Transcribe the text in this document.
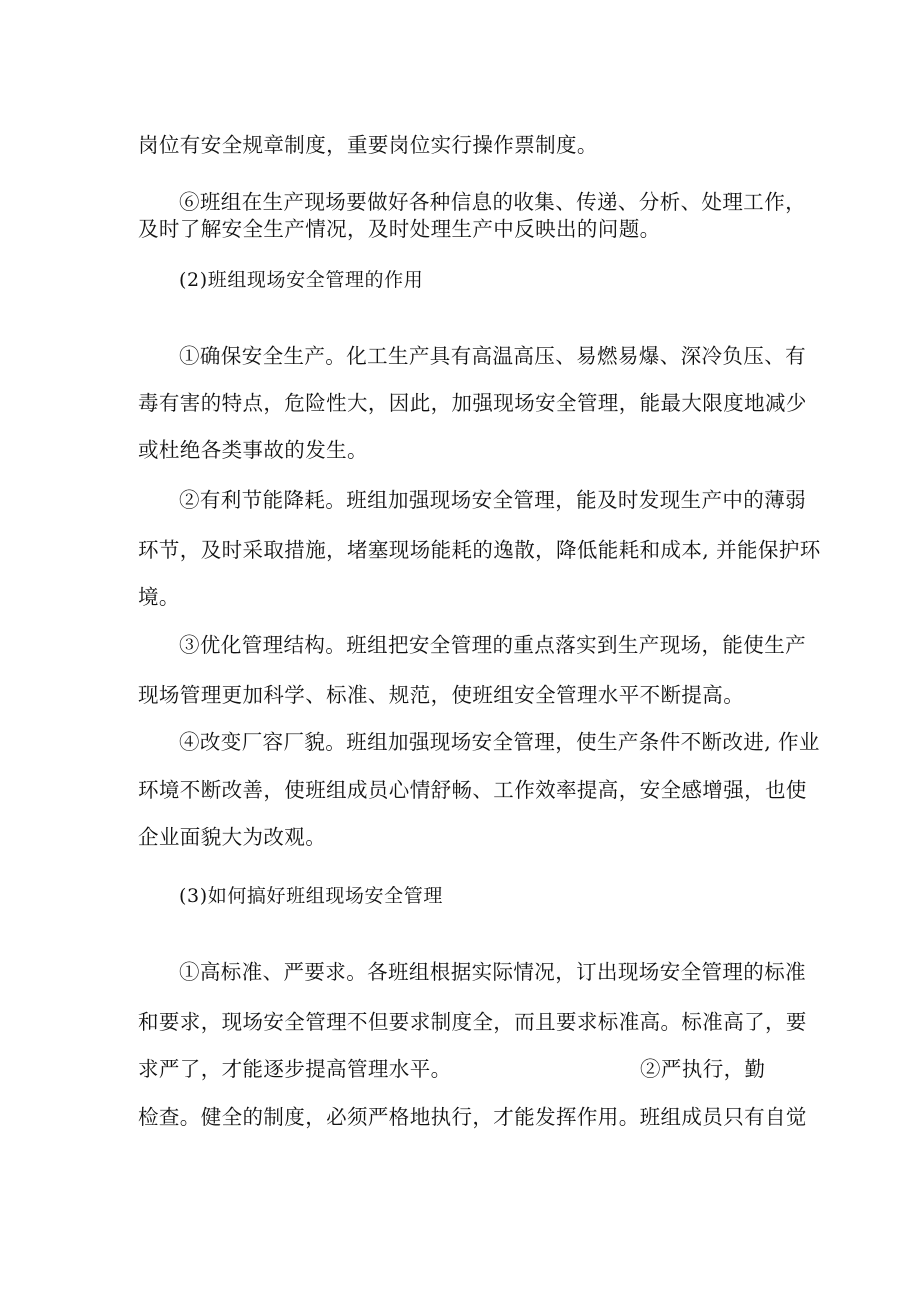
岗位有安全规章制度，重要岗位实行操作票制度。
⑥班组在生产现场要做好各种信息的收集、传递、分析、处理工作，
及时了解安全生产情况，及时处理生产中反映出的问题。
(2)班组现场安全管理的作用
①确保安全生产。化工生产具有高温高压、易燃易爆、深冷负压、有
毒有害的特点，危险性大，因此，加强现场安全管理，能最大限度地减少
或杜绝各类事故的发生。
②有利节能降耗。班组加强现场安全管理，能及时发现生产中的薄弱
环节，及时采取措施，堵塞现场能耗的逸散，降低能耗和成本, 并能保护环
境。
③优化管理结构。班组把安全管理的重点落实到生产现场，能使生产
现场管理更加科学、标准、规范，使班组安全管理水平不断提高。
④改变厂容厂貌。班组加强现场安全管理，使生产条件不断改进, 作业
环境不断改善，使班组成员心情舒畅、工作效率提高，安全感增强，也使
企业面貌大为改观。
(3)如何搞好班组现场安全管理
①高标准、严要求。各班组根据实际情况，订出现场安全管理的标准
和要求，现场安全管理不但要求制度全，而且要求标准高。标准高了，要
求严了，才能逐步提高管理水平。	②严执行，勤
检查。健全的制度，必须严格地执行，才能发挥作用。班组成员只有自觉
